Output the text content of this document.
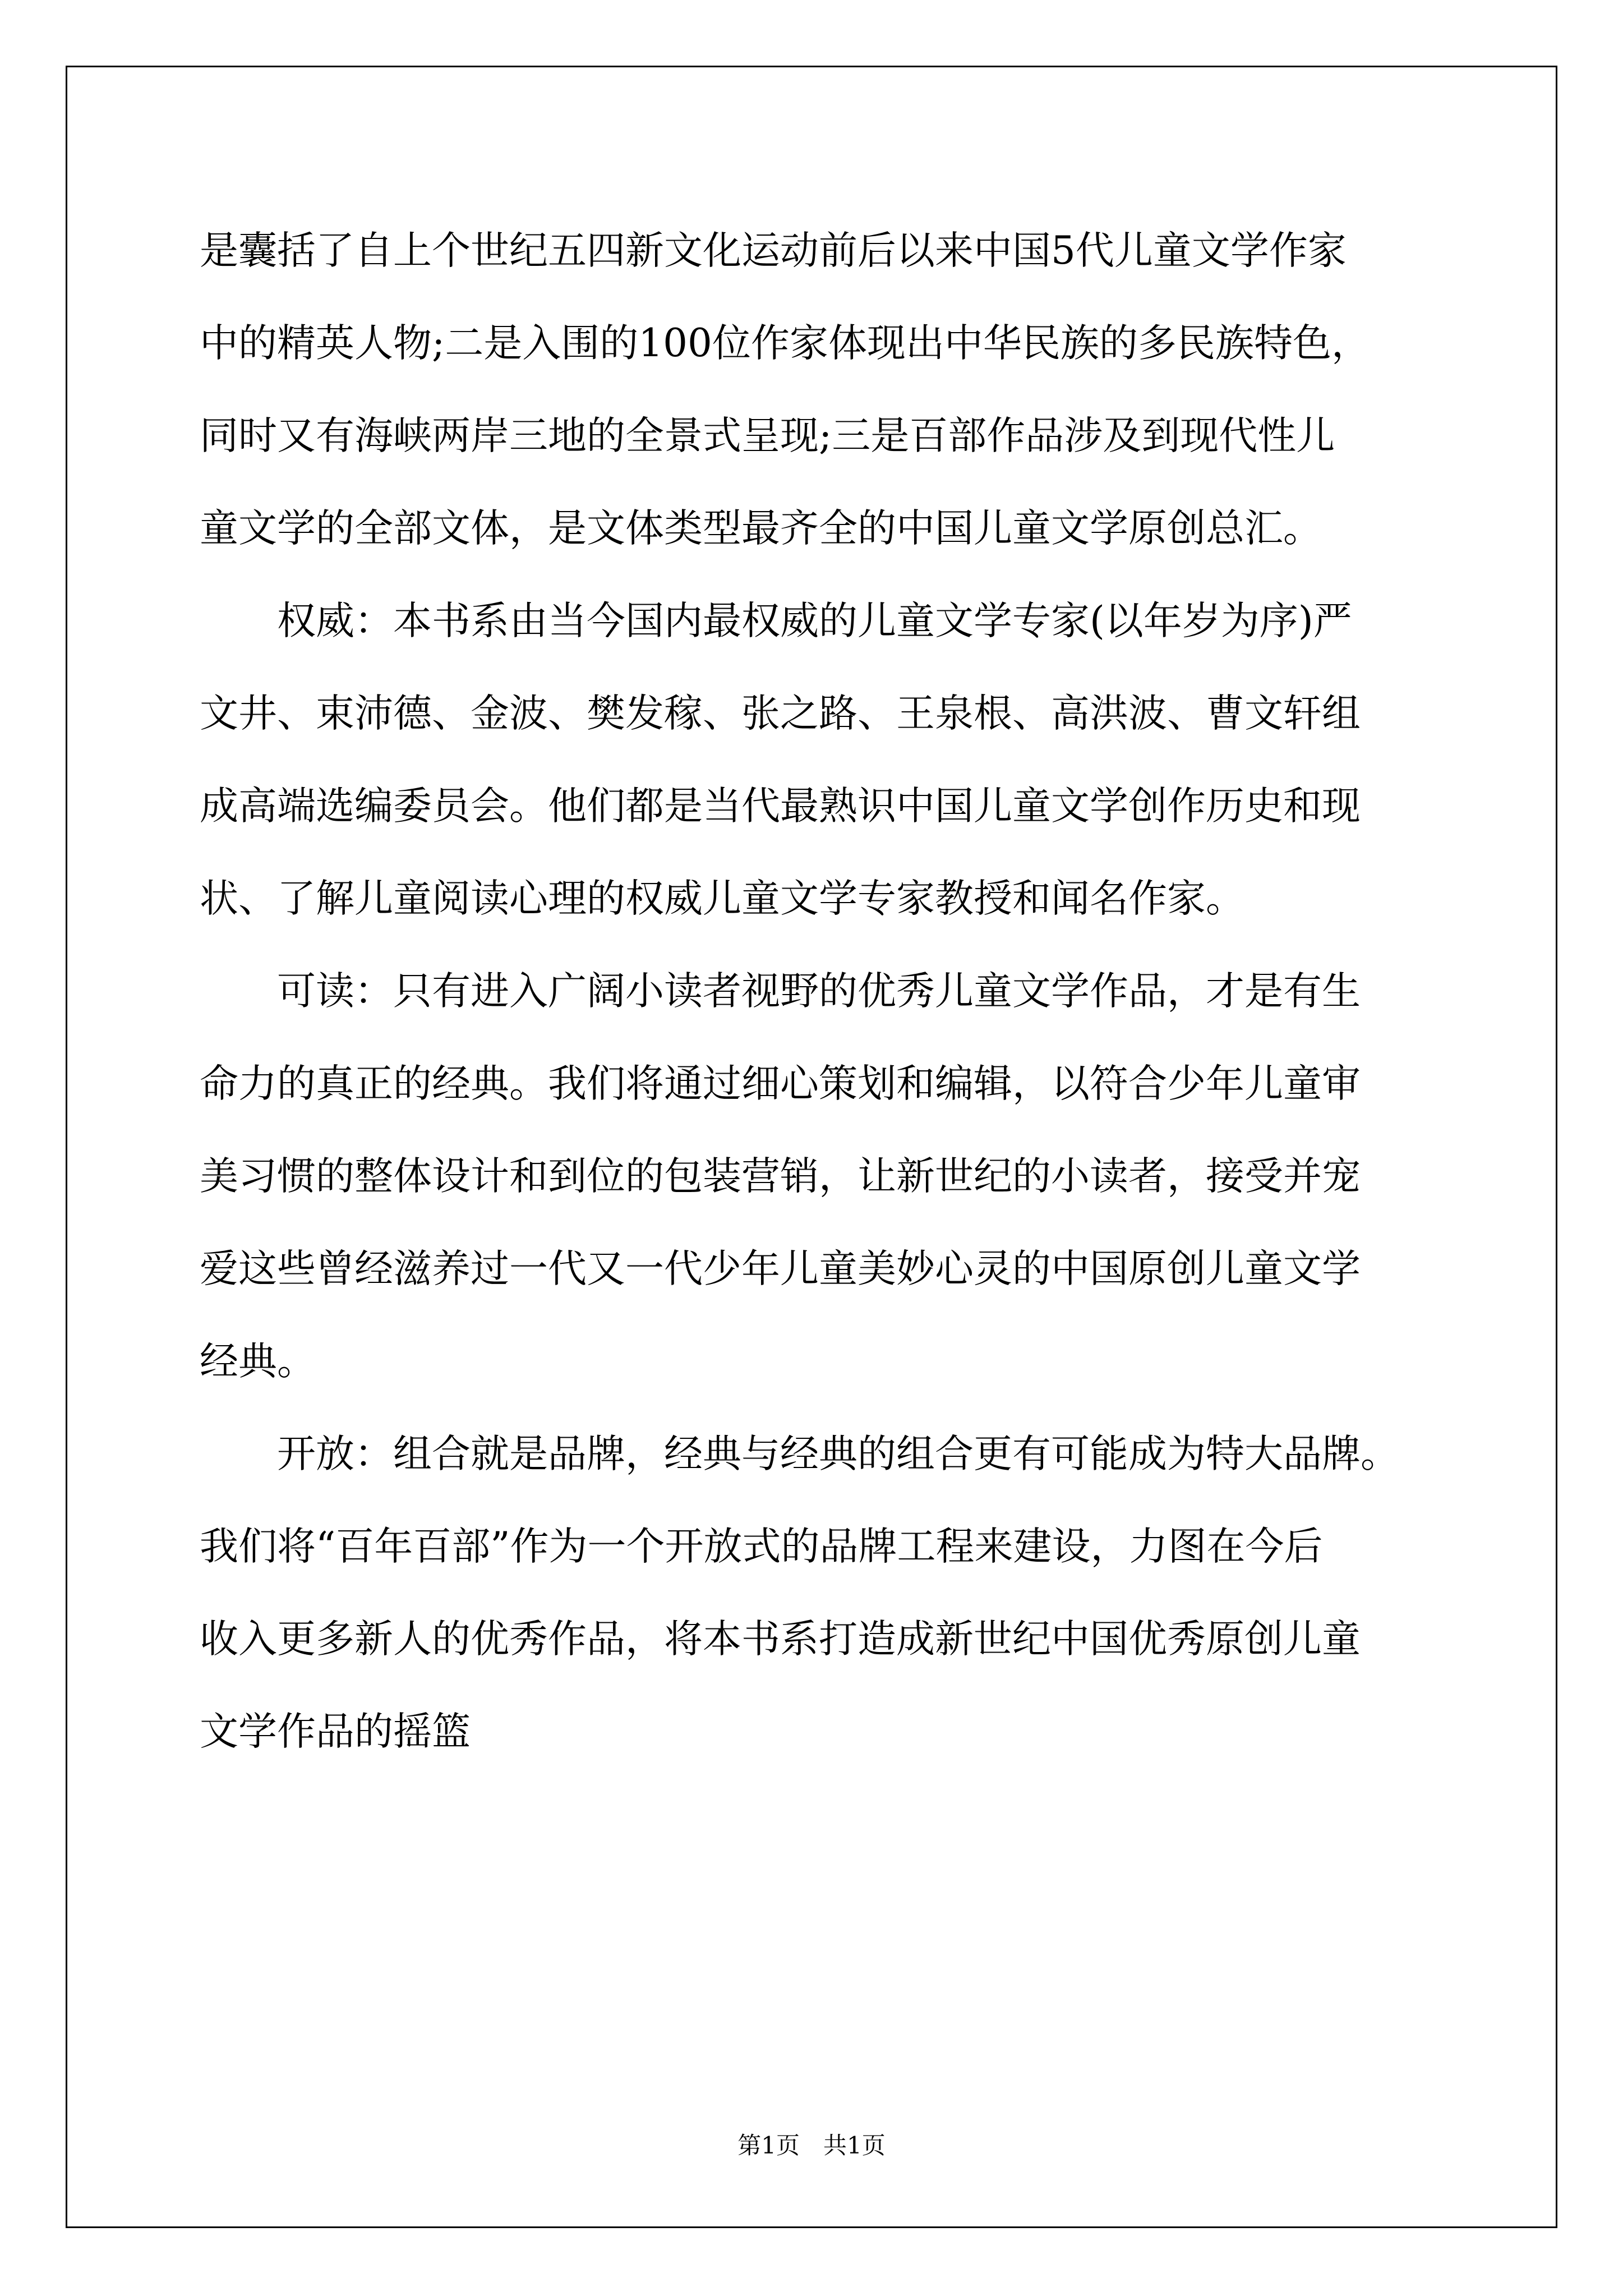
是囊括了自上个世纪五四新文化运动前后以来中国5代儿童文学作家
中的精英人物;二是入围的100位作家体现出中华民族的多民族特色，
同时又有海峡两岸三地的全景式呈现;三是百部作品涉及到现代性儿
童文学的全部文体，是文体类型最齐全的中国儿童文学原创总汇。
　　权威：本书系由当今国内最权威的儿童文学专家(以年岁为序)严
文井、束沛德、金波、樊发稼、张之路、王泉根、高洪波、曹文轩组
成高端选编委员会。他们都是当代最熟识中国儿童文学创作历史和现
状、了解儿童阅读心理的权威儿童文学专家教授和闻名作家。
　　可读：只有进入广阔小读者视野的优秀儿童文学作品，才是有生
命力的真正的经典。我们将通过细心策划和编辑，以符合少年儿童审
美习惯的整体设计和到位的包装营销，让新世纪的小读者，接受并宠
爱这些曾经滋养过一代又一代少年儿童美妙心灵的中国原创儿童文学
经典。
　　开放：组合就是品牌，经典与经典的组合更有可能成为特大品牌。
我们将“百年百部”作为一个开放式的品牌工程来建设，力图在今后
收入更多新人的优秀作品，将本书系打造成新世纪中国优秀原创儿童
文学作品的摇篮
第1页　共1页
